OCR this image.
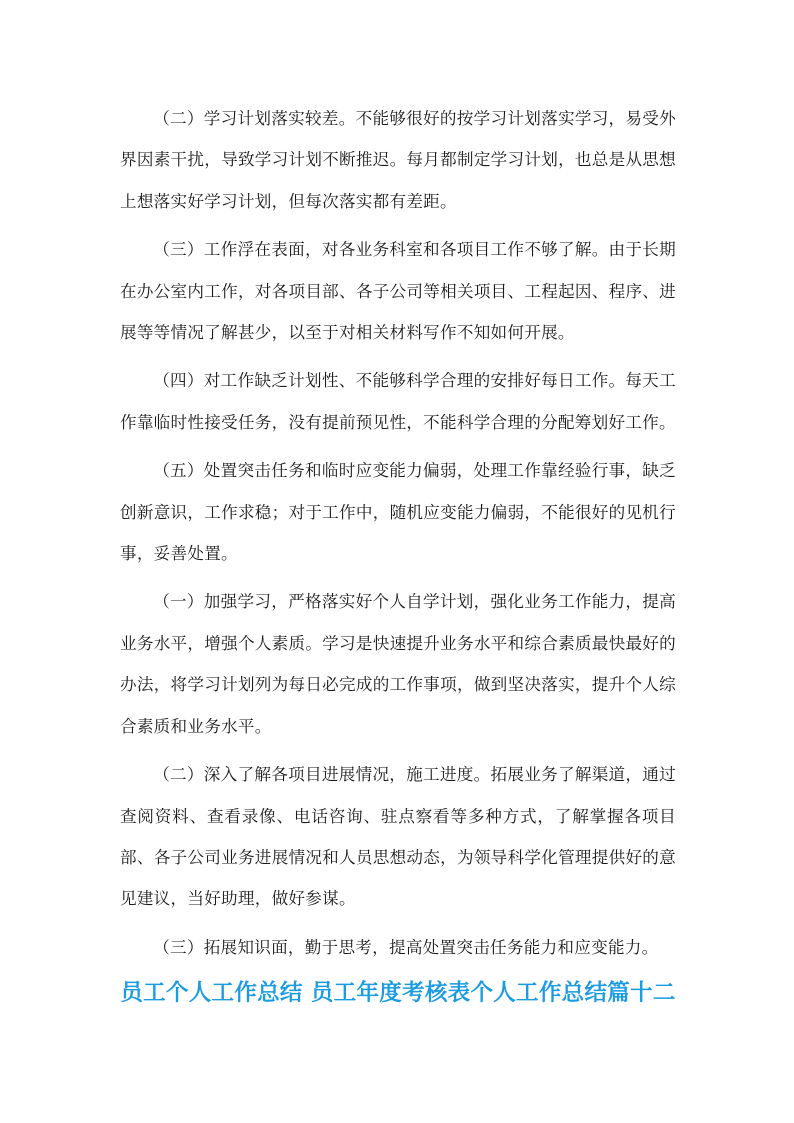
（二）学习计划落实较差。不能够很好的按学习计划落实学习，易受外界因素干扰，导致学习计划不断推迟。每月都制定学习计划，也总是从思想上想落实好学习计划，但每次落实都有差距。

（三）工作浮在表面，对各业务科室和各项目工作不够了解。由于长期在办公室内工作，对各项目部、各子公司等相关项目、工程起因、程序、进展等等情况了解甚少，以至于对相关材料写作不知如何开展。

（四）对工作缺乏计划性、不能够科学合理的安排好每日工作。每天工作靠临时性接受任务，没有提前预见性，不能科学合理的分配筹划好工作。

（五）处置突击任务和临时应变能力偏弱，处理工作靠经验行事，缺乏创新意识，工作求稳；对于工作中，随机应变能力偏弱，不能很好的见机行事，妥善处置。

（一）加强学习，严格落实好个人自学计划，强化业务工作能力，提高业务水平，增强个人素质。学习是快速提升业务水平和综合素质最快最好的办法，将学习计划列为每日必完成的工作事项，做到坚决落实，提升个人综合素质和业务水平。

（二）深入了解各项目进展情况，施工进度。拓展业务了解渠道，通过查阅资料、查看录像、电话咨询、驻点察看等多种方式，了解掌握各项目部、各子公司业务进展情况和人员思想动态，为领导科学化管理提供好的意见建议，当好助理，做好参谋。

（三）拓展知识面，勤于思考，提高处置突击任务能力和应变能力。

员工个人工作总结 员工年度考核表个人工作总结篇十二
